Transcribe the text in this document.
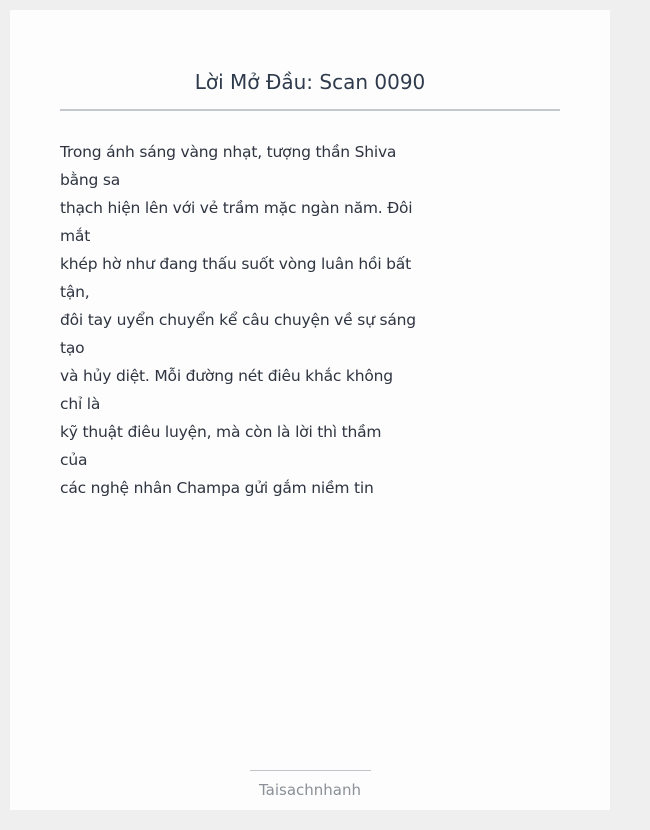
Lời Mở Đầu: Scan 0090
Trong ánh sáng vàng nhạt, tượng thần Shiva
bằng sa
thạch hiện lên với vẻ trầm mặc ngàn năm. Đôi
mắt
khép hờ như đang thấu suốt vòng luân hồi bất
tận,
đôi tay uyển chuyển kể câu chuyện về sự sáng
tạo
và hủy diệt. Mỗi đường nét điêu khắc không
chỉ là
kỹ thuật điêu luyện, mà còn là lời thì thầm
của
các nghệ nhân Champa gửi gắm niềm tin
Taisachnhanh
